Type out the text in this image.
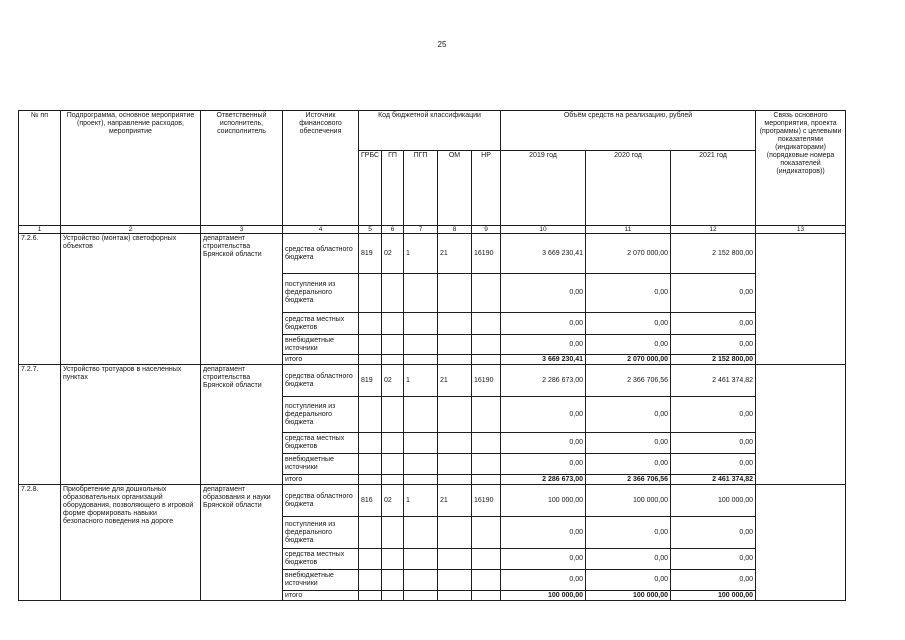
25
№ пп	Подпрограмма, основное мероприятие (проект), направление расходов, мероприятие	Ответственный исполнитель, соисполнитель	Источник финансового обеспечения	Код бюджетной классификации					Объём средств на реализацию, рублей			Связь основного мероприятия, проекта (программы) с целевыми показателями (индикаторами) (порядковые номера показателей (индикаторов))
				ГРБС	ГП	ПГП	ОМ	НР	2019 год	2020 год	2021 год	
1	2	3	4	5	6	7	8	9	10	11	12	13
7.2.6.	Устройство (монтаж) светофорных объектов	департамент строительства Брянской области	средства областного бюджета	819	02	1	21	16190	3 669 230,41	2 070 000,00	2 152 800,00	
			поступления из федерального бюджета						0,00	0,00	0,00	
			средства местных бюджетов						0,00	0,00	0,00	
			внебюджетные источники						0,00	0,00	0,00	
			итого						3 669 230,41	2 070 000,00	2 152 800,00	
7.2.7.	Устройство тротуаров в населенных пунктах	департамент строительства Брянской области	средства областного бюджета	819	02	1	21	16190	2 286 673,00	2 366 706,56	2 461 374,82	
			поступления из федерального бюджета						0,00	0,00	0,00	
			средства местных бюджетов						0,00	0,00	0,00	
			внебюджетные источники						0,00	0,00	0,00	
			итого						2 286 673,00	2 366 706,56	2 461 374,82	
7.2.8.	Приобретение для дошкольных образовательных организаций оборудования, позволяющего в игровой форме формировать навыки безопасного поведения на дороге	департамент образования и науки Брянской области	средства областного бюджета	816	02	1	21	16190	100 000,00	100 000,00	100 000,00	
			поступления из федерального бюджета						0,00	0,00	0,00	
			средства местных бюджетов						0,00	0,00	0,00	
			внебюджетные источники						0,00	0,00	0,00	
			итого						100 000,00	100 000,00	100 000,00	
